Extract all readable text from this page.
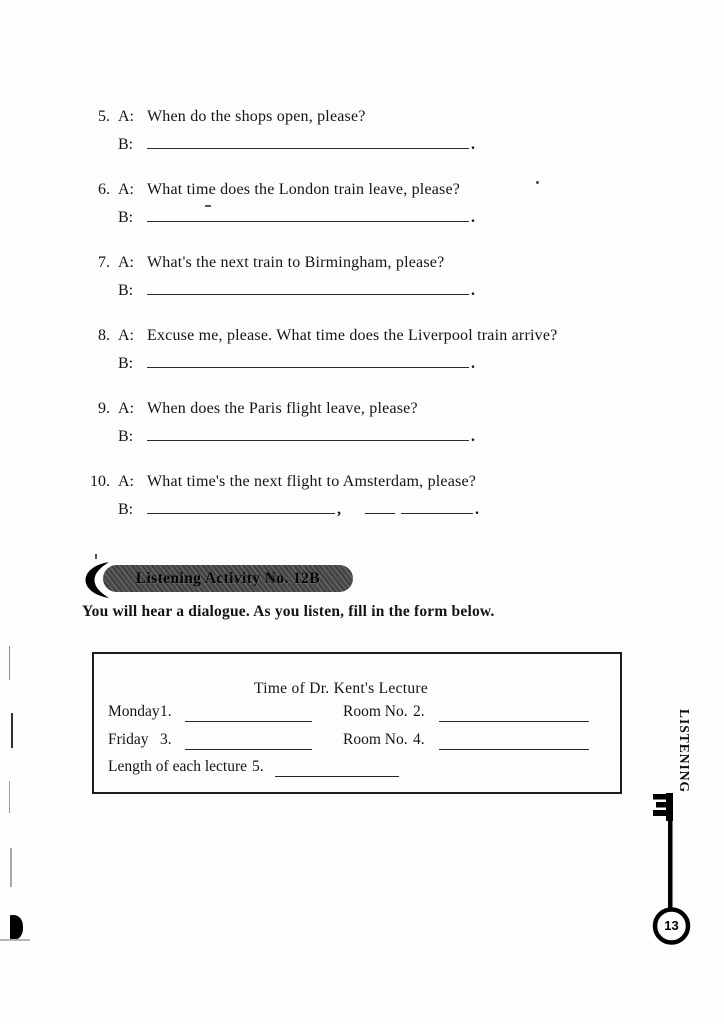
5. A: When do the shops open, please?
B:	.
6. A: What time does the London train leave, please?
B:	.
7. A: What's the next train to Birmingham, please?
B:	.
8. A: Excuse me, please. What time does the Liverpool train arrive?
B:	.
9. A: When does the Paris flight leave, please?
B:	.
10. A: What time's the next flight to Amsterdam, please?
B:	,	.
Listening Activity No. 12B
You will hear a dialogue. As you listen, fill in the form below.
Time of Dr. Kent's Lecture
Monday 1.	Room No. 2.
Friday 3.	Room No. 4.
Length of each lecture 5.	LISTENING
13
